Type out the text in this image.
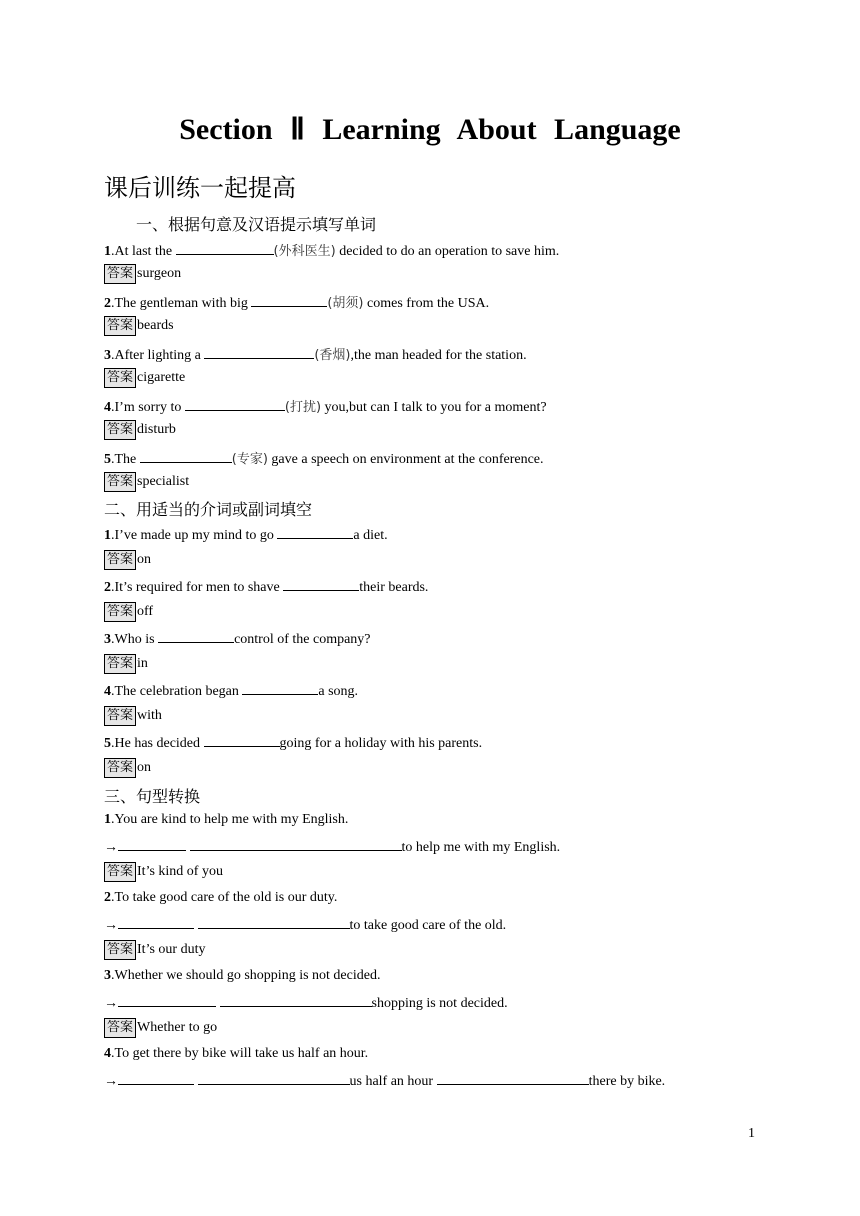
Section Ⅱ Learning About Language
课后训练一起提高
一、根据句意及汉语提示填写单词
1.At last the	(外科医生) decided to do an operation to save him.
答案 surgeon
2.The gentleman with big	(胡须) comes from the USA.
答案 beards
3.After lighting a	(香烟),the man headed for the station.
答案 cigarette
4.I’m sorry to	(打扰) you,but can I talk to you for a moment?
答案 disturb
5.The	(专家) gave a speech on environment at the conference.
答案 specialist
二、用适当的介词或副词填空
1.I’ve made up my mind to go	a diet.
答案 on
2.It’s required for men to shave	their beards.
答案 off
3.Who is	control of the company?
答案 in
4.The celebration began	a song.
答案 with
5.He has decided	going for a holiday with his parents.
答案 on
三、句型转换
1.You are kind to help me with my English.
→	to help me with my English.
答案 It’s kind of you
2.To take good care of the old is our duty.
→	to take good care of the old.
答案 It’s our duty
3.Whether we should go shopping is not decided.
→	shopping is not decided.
答案 Whether to go
4.To get there by bike will take us half an hour.
→	us half an hour	there by bike.
1
